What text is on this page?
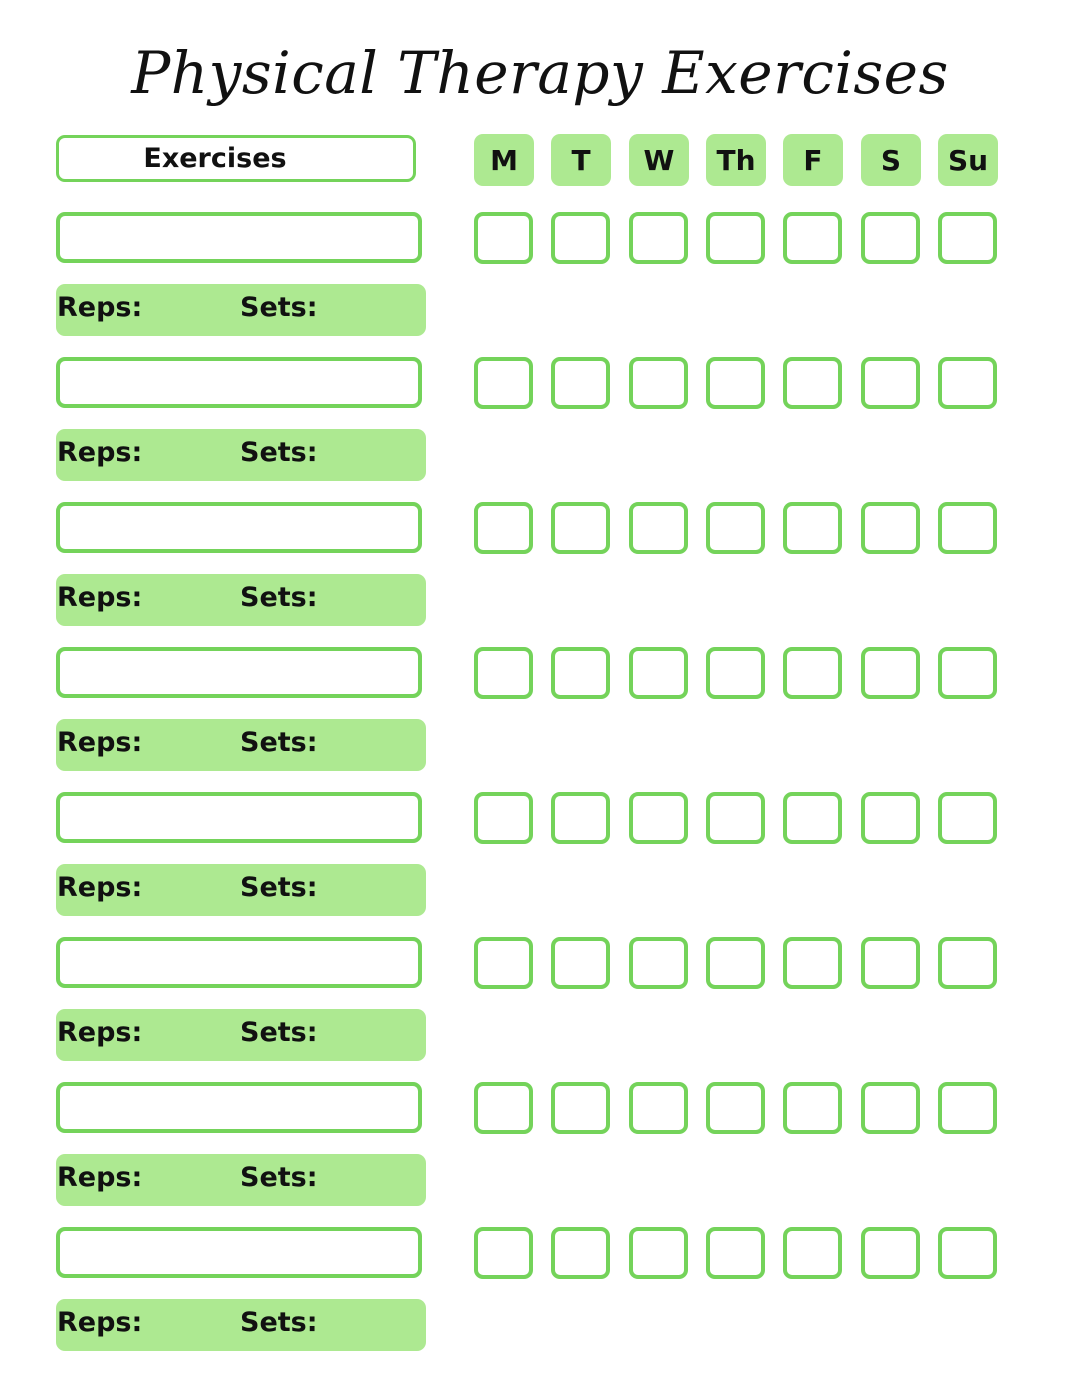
Physical Therapy Exercises
Exercises	M	T	W	Th	F	S	Su
Reps:	Sets:
Reps:	Sets:
Reps:	Sets:
Reps:	Sets:
Reps:	Sets:
Reps:	Sets:
Reps:	Sets:
Reps:	Sets:
